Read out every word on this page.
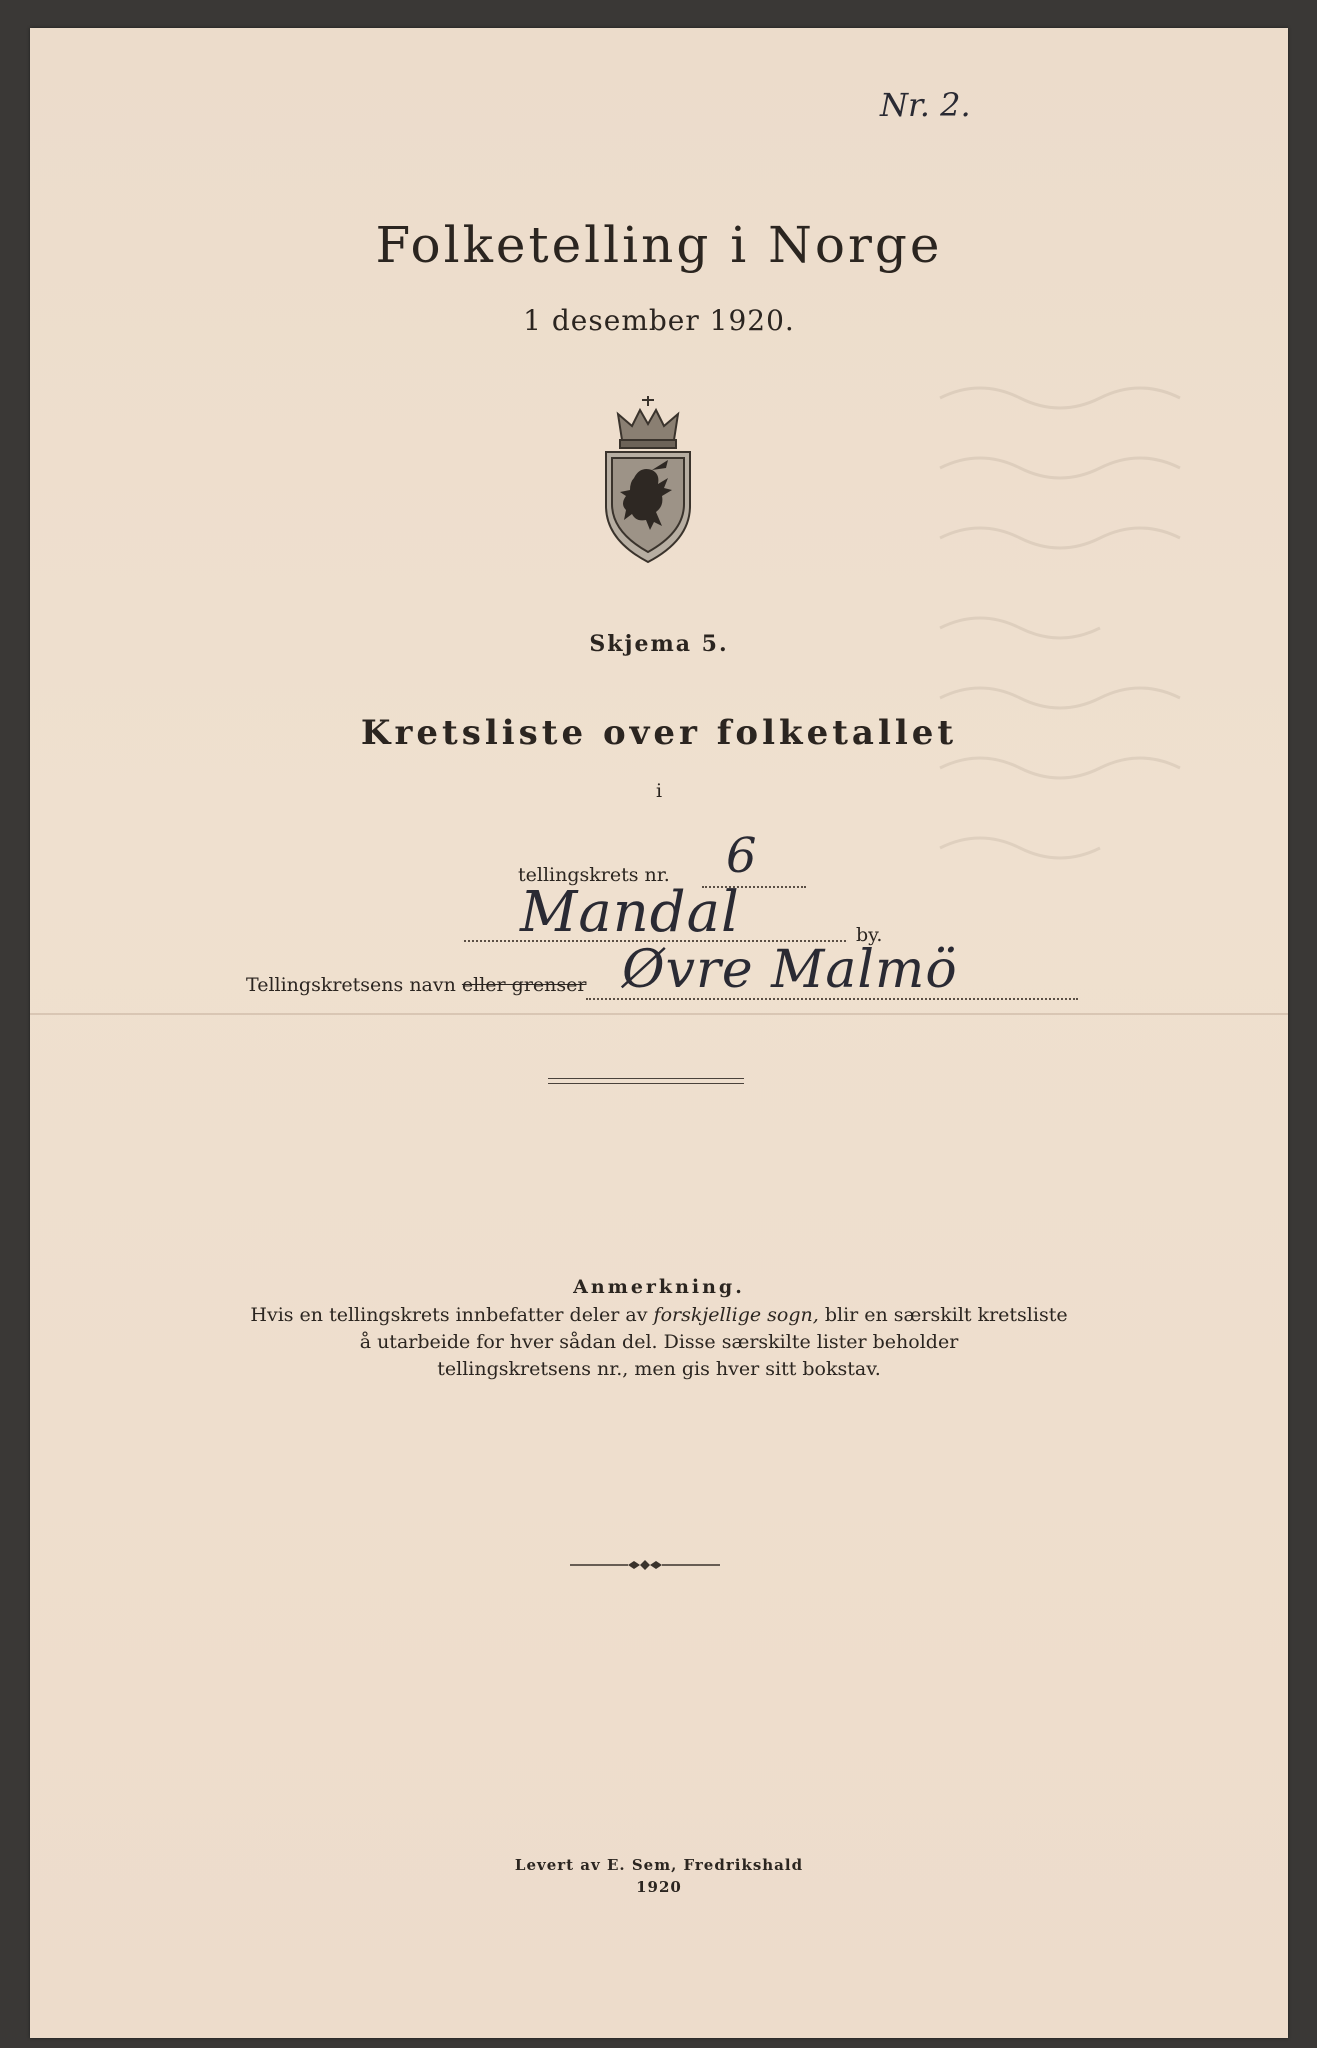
Nr. 2.
Folketelling i Norge
1 desember 1920.
Skjema 5.
Kretsliste over folketallet
i
tellingskrets nr. 6
Mandal	by.
Tellingskretsens navn eller grenser Øvre Malmö
Anmerkning.
Hvis en tellingskrets innbefatter deler av forskjellige sogn, blir en særskilt kretsliste
å utarbeide for hver sådan del. Disse særskilte lister beholder
tellingskretsens nr., men gis hver sitt bokstav.
Levert av E. Sem, Fredrikshald
1920
